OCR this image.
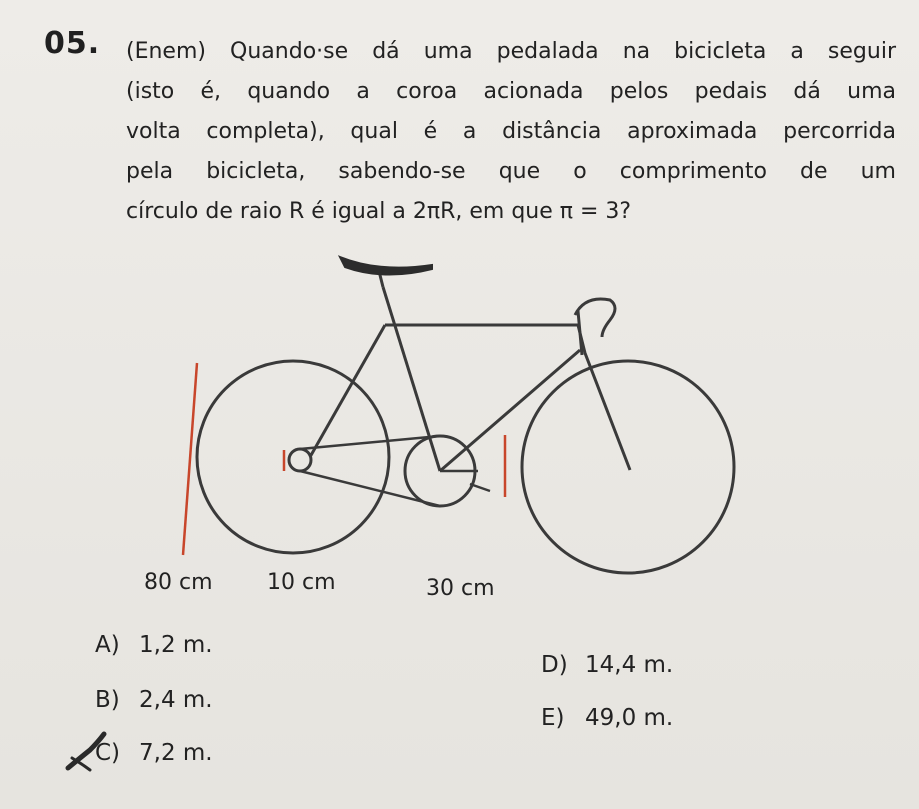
05. (Enem) Quando·se dá uma pedalada na bicicleta a seguir
(isto é, quando a coroa acionada pelos pedais dá uma
volta completa), qual é a distância aproximada percorrida
pela bicicleta, sabendo-se que o comprimento de um
círculo de raio R é igual a 2πR, em que π = 3?
80 cm 10 cm	30 cm
A) 1,2 m.
B) 2,4 m.
C) 7,2 m.
D) 14,4 m.
E) 49,0 m.
